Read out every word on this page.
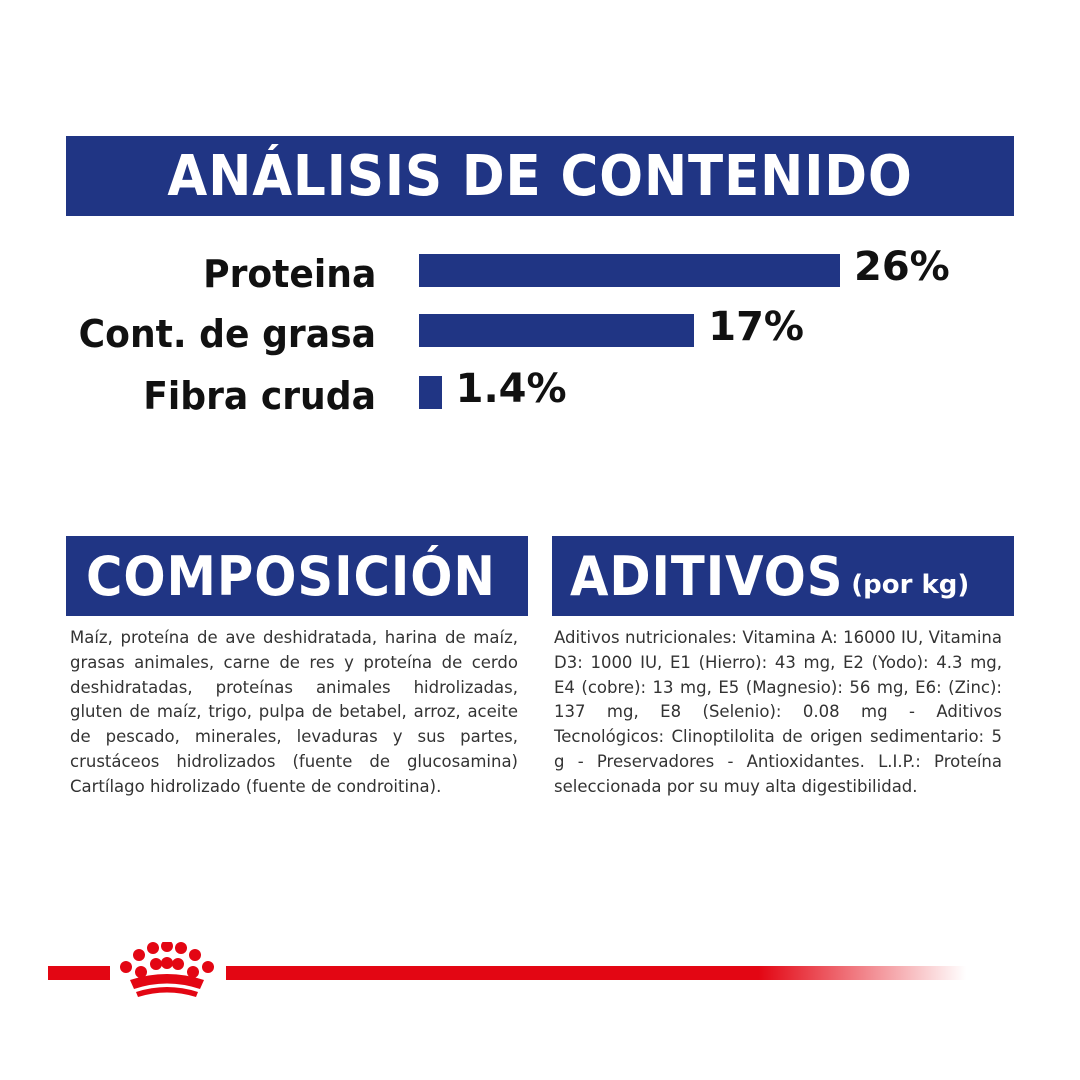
ANÁLISIS DE CONTENIDO
Proteina	26%
Cont. de grasa	17%
Fibra cruda 1.4%
COMPOSICIÓN
Maíz, proteína de ave deshidratada, harina de maíz, grasas animales, carne de res y proteína de cerdo deshidratadas, proteínas animales hidrolizadas, gluten de maíz, trigo, pulpa de betabel, arroz, aceite de pescado, minerales, levaduras y sus partes, crustáceos hidrolizados (fuente de glucosamina) Cartílago hidrolizado (fuente de condroitina).
ADITIVOS (por kg)
Aditivos nutricionales: Vitamina A: 16000 IU, Vitamina D3: 1000 IU, E1 (Hierro): 43 mg, E2 (Yodo): 4.3 mg, E4 (cobre): 13 mg, E5 (Magnesio): 56 mg, E6: (Zinc): 137 mg, E8 (Selenio): 0.08 mg - Aditivos Tecnológicos: Clinoptilolita de origen sedimentario: 5 g - Preservadores - Antioxidantes. L.I.P.: Proteína seleccionada por su muy alta digestibilidad.
